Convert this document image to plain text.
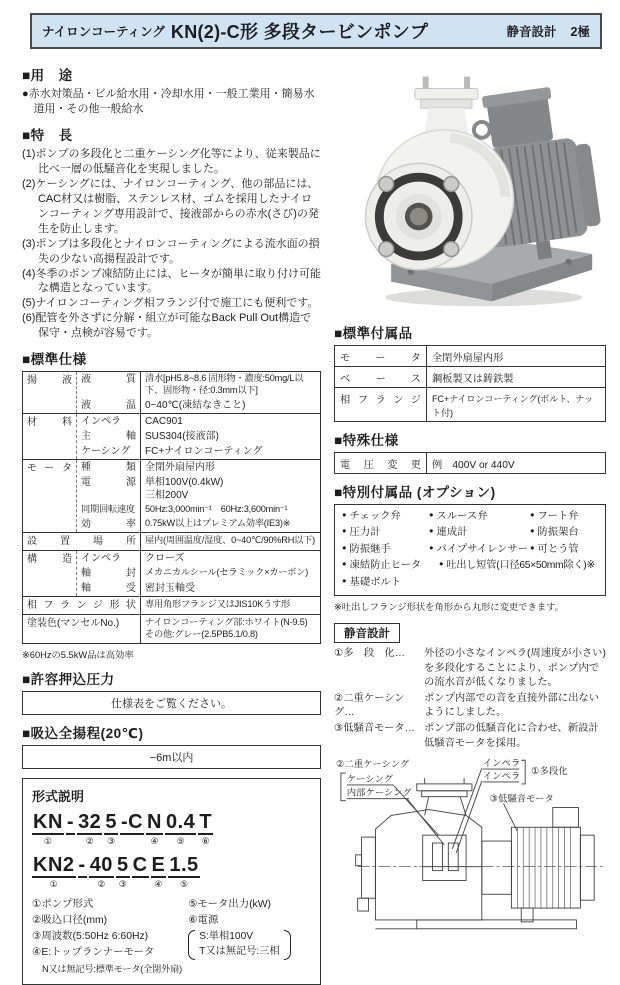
ナイロンコーティング KN(2)-C形 多段タービンポンプ	静音設計 2極
■用　途
●赤水対策品・ビル給水用・冷却水用・一般工業用・簡易水道用・その他一般給水
■特　長
(1)ポンプの多段化と二重ケーシング化等により、従来製品に比べ一層の低騒音化を実現しました。
(2)ケーシングには、ナイロンコーティング、他の部品には、CAC材又は樹脂、ステンレス材、ゴムを採用したナイロンコーティング専用設計で、接液部からの赤水(さび)の発生を防止します。
(3)ポンプは多段化とナイロンコーティングによる流水面の損失の少ない高揚程設計です。
(4)冬季のポンプ凍結防止には、ヒータが簡単に取り付け可能な構造となっています。
(5)ナイロンコーティング相フランジ付で施工にも便利です。
(6)配管を外さずに分解・組立が可能なBack Pull Out構造で保守・点検が容易です。
■標準仕様
揚液 液質 清水[pH5.8~8.6 固形物・濃度:50mg/L以下、固形物・径:0.3mm以下]
液温 0~40℃(凍結なきこと)
材料 インペラ	CAC901
主軸 SUS304(接液部)
ケーシング	FC+ナイロンコーティング
モータ 種類 全閉外扇屋内形
電源 単相100V(0.4kW)
三相200V
同期回転速度	50Hz:3,000min⁻¹　60Hz:3,600min⁻¹
効率 0.75kW以上はプレミアム効率(IE3)※
設置場所 屋内(周囲温度/湿度、0~40℃/90%RH以下)
構造 インペラ	クローズ
軸封 メカニカルシール(セラミック×カーボン)
軸受 密封玉軸受
相フランジ形状 専用角形フランジ又はJIS10Kうす形
塗装色(マンセルNo.)	ナイロンコーティング部:ホワイト(N-9.5)
その他:グレー(2.5PB5.1/0.8)
※60Hzの5.5kW品は高効率
■許容押込圧力
仕様表をご覧ください。
■吸込全揚程(20℃)
−6m以内
形式説明
KN
①
- 32
②
5
③
-C N
④
0.4
⑤
T
⑥
KN2
①
- 40
②
5
③
C E
④
1.5
⑤
①ポンプ形式
②吸込口径(mm)
③周波数(5:50Hz 6:60Hz)
④E:トップランナーモータ
N又は無記号:標準モータ(全閉外扇)
⑤モータ出力(kW)
⑥電源
S:単相100V
T又は無記号:三相
■標準付属品
モータ	全閉外扇屋内形
ベース	鋼板製又は鋳鉄製
相フランジ	FC+ナイロンコーティング(ボルト、ナット付)
■特殊仕様
電圧変更	例　400V or 440V
■特別付属品 (オプション)
● チェック弁	● スルース弁	● フート弁
● 圧力計	● 連成計	● 防振架台
● 防振継手	● パイプサイレンサー ● 可とう管
● 凍結防止ヒータ	● 吐出し短管(口径65×50mm除く)※
● 基礎ボルト
※吐出しフランジ形状を角形から丸形に変更できます。
静音設計
①多　段　化…	外径の小さなインペラ(周速度が小さい)を多段化することにより、ポンプ内での流水音が低くなりました。
②二重ケーシング…
ポンプ内部での音を直接外部に出ないようにしました。
③低騒音モータ… ポンプ部の低騒音化に合わせ、新設計低騒音モータを採用。
②二重ケーシング
ケーシング
内部ケーシング
インペラ
インペラ ①多段化
③低騒音モータ
